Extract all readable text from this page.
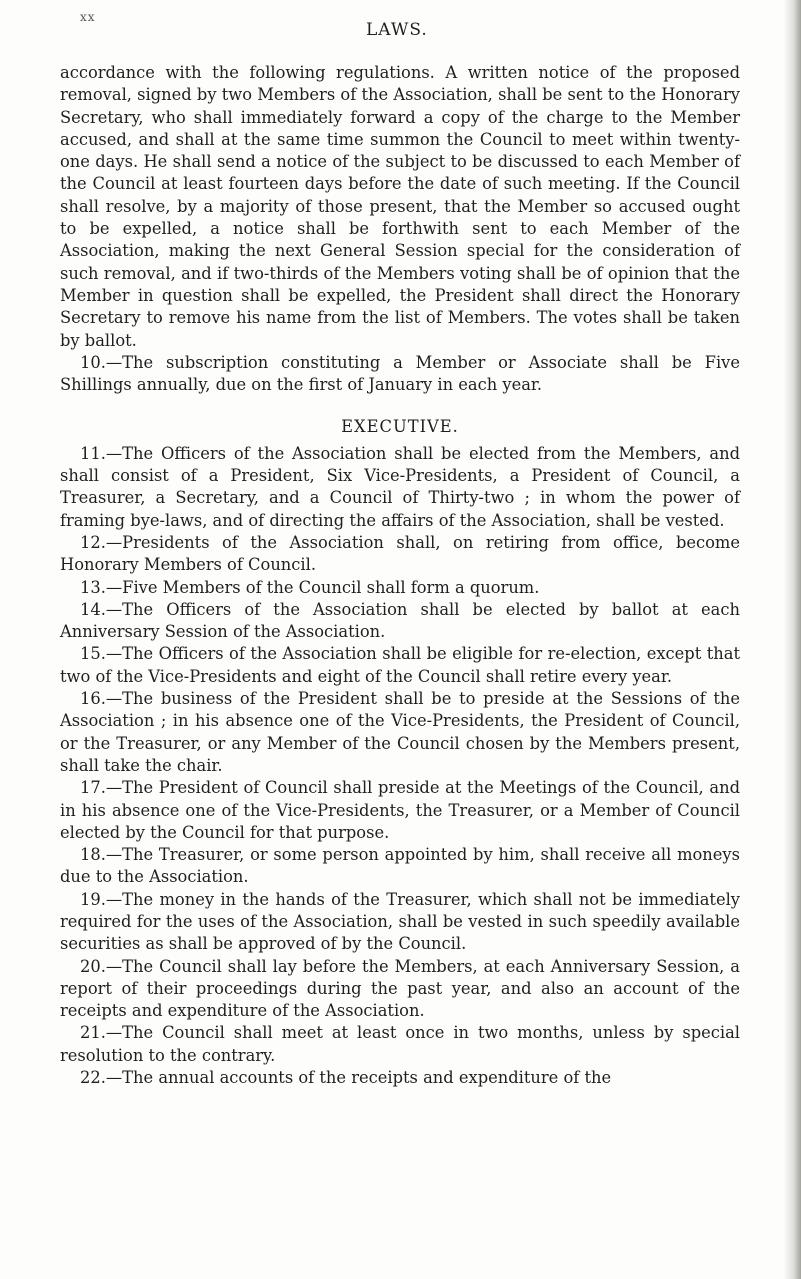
xx
LAWS.

accordance with the following regulations. A written notice of the proposed removal, signed by two Members of the Association, shall be sent to the Honorary Secretary, who shall immediately forward a copy of the charge to the Member accused, and shall at the same time summon the Council to meet within twenty-one days. He shall send a notice of the subject to be discussed to each Member of the Council at least fourteen days before the date of such meeting. If the Council shall resolve, by a majority of those present, that the Member so accused ought to be expelled, a notice shall be forthwith sent to each Member of the Association, making the next General Session special for the consideration of such removal, and if two-thirds of the Members voting shall be of opinion that the Member in question shall be expelled, the President shall direct the Honorary Secretary to remove his name from the list of Members. The votes shall be taken by ballot.

10.—The subscription constituting a Member or Associate shall be Five Shillings annually, due on the first of January in each year.

EXECUTIVE.

11.—The Officers of the Association shall be elected from the Members, and shall consist of a President, Six Vice-Presidents, a President of Council, a Treasurer, a Secretary, and a Council of Thirty-two ; in whom the power of framing bye-laws, and of directing the affairs of the Association, shall be vested.

12.—Presidents of the Association shall, on retiring from office, become Honorary Members of Council.

13.—Five Members of the Council shall form a quorum.

14.—The Officers of the Association shall be elected by ballot at each Anniversary Session of the Association.

15.—The Officers of the Association shall be eligible for re-election, except that two of the Vice-Presidents and eight of the Council shall retire every year.

16.—The business of the President shall be to preside at the Sessions of the Association ; in his absence one of the Vice-Presidents, the President of Council, or the Treasurer, or any Member of the Council chosen by the Members present, shall take the chair.

17.—The President of Council shall preside at the Meetings of the Council, and in his absence one of the Vice-Presidents, the Treasurer, or a Member of Council elected by the Council for that purpose.

18.—The Treasurer, or some person appointed by him, shall receive all moneys due to the Association.

19.—The money in the hands of the Treasurer, which shall not be immediately required for the uses of the Association, shall be vested in such speedily available securities as shall be approved of by the Council.

20.—The Council shall lay before the Members, at each Anniversary Session, a report of their proceedings during the past year, and also an account of the receipts and expenditure of the Association.

21.—The Council shall meet at least once in two months, unless by special resolution to the contrary.

22.—The annual accounts of the receipts and expenditure of the
